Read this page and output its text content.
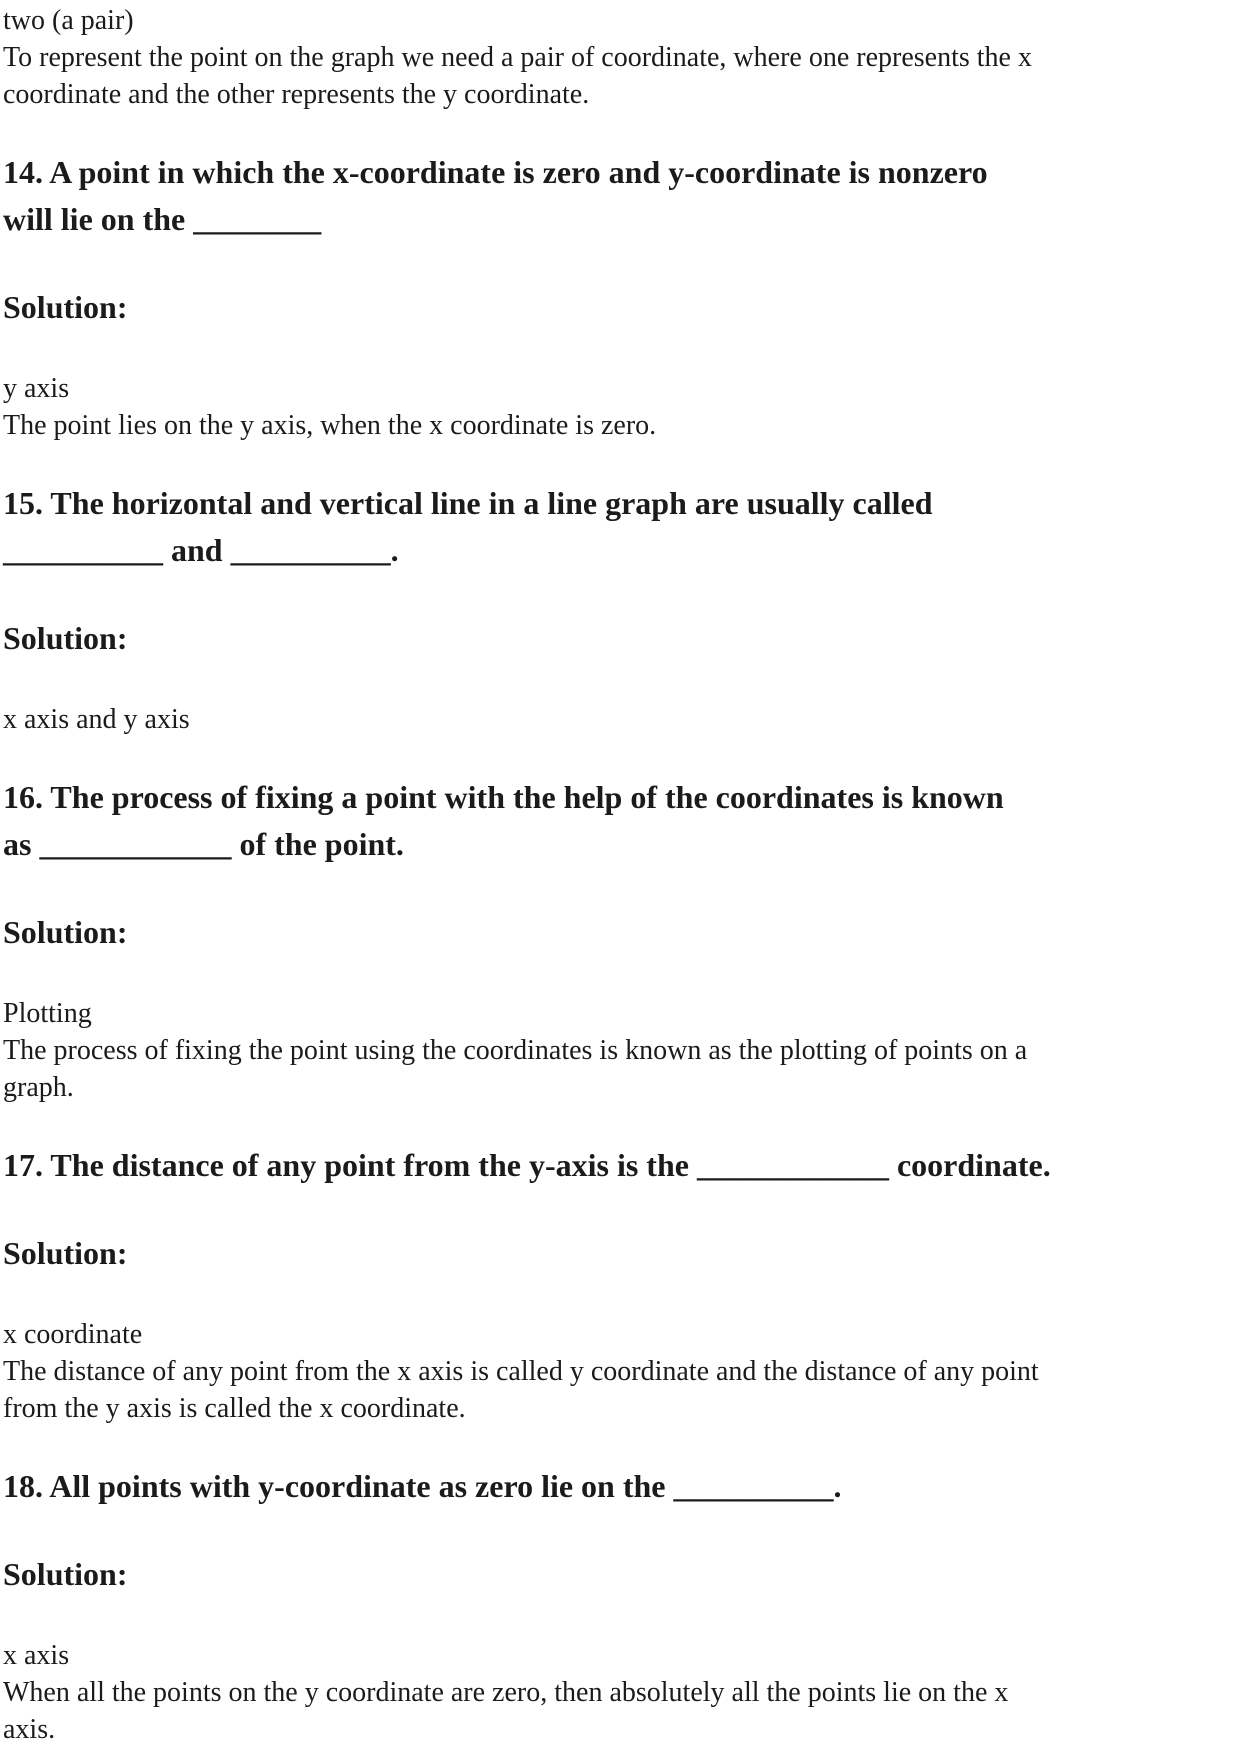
two (a pair)
To represent the point on the graph we need a pair of coordinate, where one represents the x
coordinate and the other represents the y coordinate.
14. A point in which the x-coordinate is zero and y-coordinate is nonzero
will lie on the ________
Solution:
y axis
The point lies on the y axis, when the x coordinate is zero.
15. The horizontal and vertical line in a line graph are usually called
__________ and __________.
Solution:
x axis and y axis
16. The process of fixing a point with the help of the coordinates is known
as ____________ of the point.
Solution:
Plotting
The process of fixing the point using the coordinates is known as the plotting of points on a
graph.
17. The distance of any point from the y-axis is the ____________ coordinate.
Solution:
x coordinate
The distance of any point from the x axis is called y coordinate and the distance of any point
from the y axis is called the x coordinate.
18. All points with y-coordinate as zero lie on the __________.
Solution:
x axis
When all the points on the y coordinate are zero, then absolutely all the points lie on the x
axis.
